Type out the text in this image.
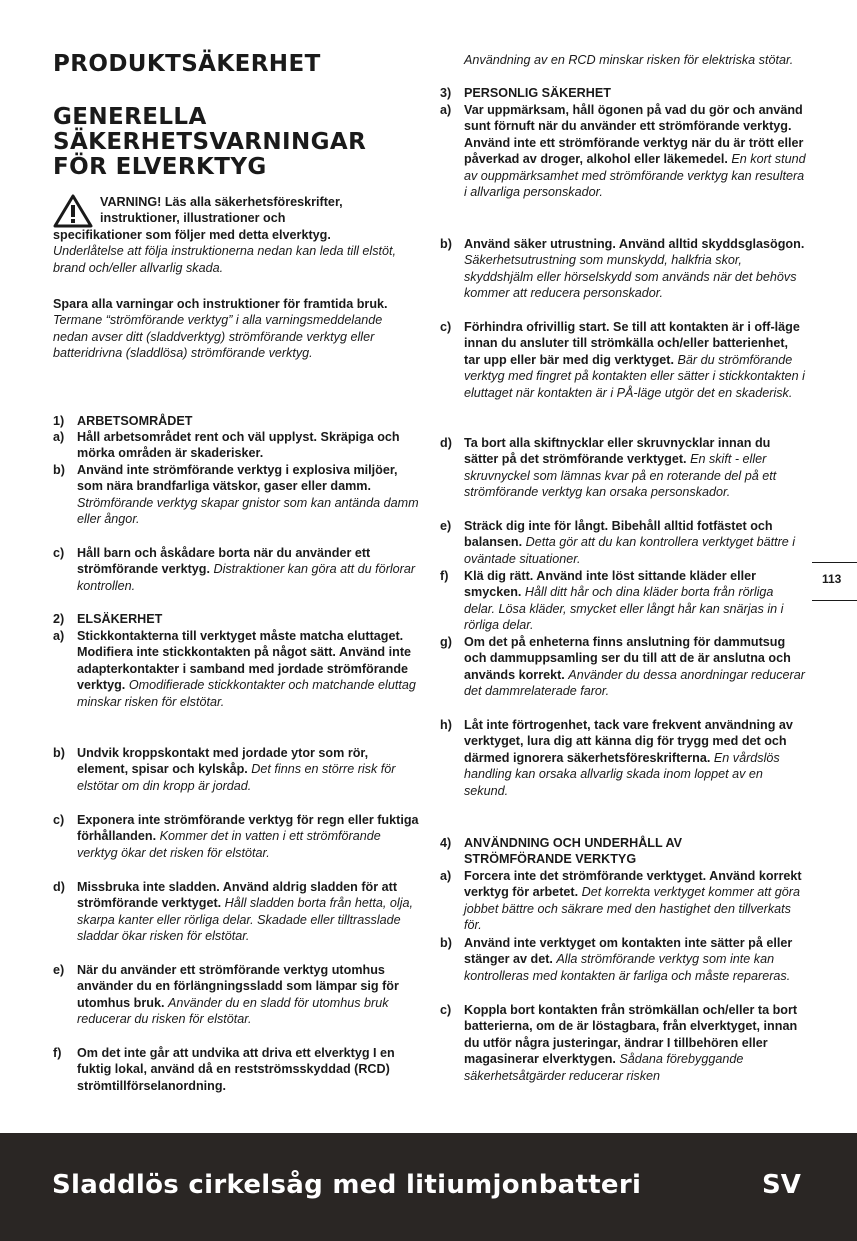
PRODUKTSÄKERHET

GENERELLA

SÄKERHETSVARNINGAR

FÖR ELVERKTYG

VARNING! Läs alla säkerhetsföreskrifter,
instruktioner, illustrationer och
specifikationer som följer med detta elverktyg.
Underlåtelse att följa instruktionerna nedan kan leda till elstöt, brand och/eller allvarlig skada.

Spara alla varningar och instruktioner för framtida bruk.

Termane “strömförande verktyg” i alla varningsmeddelande nedan avser ditt (sladdverktyg) strömförande verktyg eller batteridrivna (sladdlösa) strömförande verktyg.

1) ARBETSOMRÅDET
a) Håll arbetsområdet rent och väl upplyst. Skräpiga och mörka områden är skaderisker.
b) Använd inte strömförande verktyg i explosiva miljöer, som nära brandfarliga vätskor, gaser eller damm. Strömförande verktyg skapar gnistor som kan antända damm eller ångor.
c) Håll barn och åskådare borta när du använder ett strömförande verktyg. Distraktioner kan göra att du förlorar kontrollen.
2) ELSÄKERHET
a) Stickkontakterna till verktyget måste matcha eluttaget. Modifiera inte stickkontakten på något sätt. Använd inte adapterkontakter i samband med jordade strömförande verktyg. Omodifierade stickkontakter och matchande eluttag minskar risken för elstötar.
b) Undvik kroppskontakt med jordade ytor som rör, element, spisar och kylskåp. Det finns en större risk för elstötar om din kropp är jordad.
c) Exponera inte strömförande verktyg för regn eller fuktiga förhållanden. Kommer det in vatten i ett strömförande verktyg ökar det risken för elstötar.
d) Missbruka inte sladden. Använd aldrig sladden för att strömförande verktyget. Håll sladden borta från hetta, olja, skarpa kanter eller rörliga delar. Skadade eller tilltrasslade sladdar ökar risken för elstötar.
e) När du använder ett strömförande verktyg utomhus använder du en förlängningssladd som lämpar sig för utomhus bruk. Använder du en sladd för utomhus bruk reducerar du risken för elstötar.
f) Om det inte går att undvika att driva ett elverktyg I en fuktig lokal, använd då en restströmsskyddad (RCD) strömtillförselanordning.
Användning av en RCD minskar risken för elektriska stötar.
3) PERSONLIG SÄKERHET
a) Var uppmärksam, håll ögonen på vad du gör och använd sunt förnuft när du använder ett strömförande verktyg. Använd inte ett strömförande verktyg när du är trött eller påverkad av droger, alkohol eller läkemedel. En kort stund av ouppmärksamhet med strömförande verktyg kan resultera i allvarliga personskador.
b) Använd säker utrustning. Använd alltid skyddsglasögon. Säkerhetsutrustning som munskydd, halkfria skor, skyddshjälm eller hörselskydd som används när det behövs kommer att reducera personskador.
c) Förhindra ofrivillig start. Se till att kontakten är i off-läge innan du ansluter till strömkälla och/eller batterienhet, tar upp eller bär med dig verktyget. Bär du strömförande verktyg med fingret på kontakten eller sätter i stickkontakten i eluttaget när kontakten är i PÅ-läge utgör det en skaderisk.
d) Ta bort alla skiftnycklar eller skruvnycklar innan du sätter på det strömförande verktyget. En skift - eller skruvnyckel som lämnas kvar på en roterande del på ett strömförande verktyg kan orsaka personskador.
e) Sträck dig inte för långt. Bibehåll alltid fotfästet och balansen. Detta gör att du kan kontrollera verktyget bättre i oväntade situationer.
f) Klä dig rätt. Använd inte löst sittande kläder eller smycken. Håll ditt hår och dina kläder borta från rörliga delar. Lösa kläder, smycket eller långt hår kan snärjas in i rörliga delar.
g) Om det på enheterna finns anslutning för dammutsug och dammuppsamling ser du till att de är anslutna och används korrekt. Använder du dessa anordningar reducerar det dammrelaterade faror.
h) Låt inte förtrogenhet, tack vare frekvent användning av verktyget, lura dig att känna dig för trygg med det och därmed ignorera säkerhetsföreskrifterna. En vårdslös handling kan orsaka allvarlig skada inom loppet av en sekund.
4) ANVÄNDNING OCH UNDERHÅLL AV STRÖMFÖRANDE VERKTYG
a) Forcera inte det strömförande verktyget. Använd korrekt verktyg för arbetet. Det korrekta verktyget kommer att göra jobbet bättre och säkrare med den hastighet den tillverkats för.
b) Använd inte verktyget om kontakten inte sätter på eller stänger av det. Alla strömförande verktyg som inte kan kontrolleras med kontakten är farliga och måste repareras.
c) Koppla bort kontakten från strömkällan och/eller ta bort batterierna, om de är löstagbara, från elverktyget, innan du utför några justeringar, ändrar I tillbehören eller magasinerar elverktygen. Sådana förebyggande säkerhetsåtgärder reducerar risken
113
Sladdlös cirkelsåg med litiumjonbatteri	SV
